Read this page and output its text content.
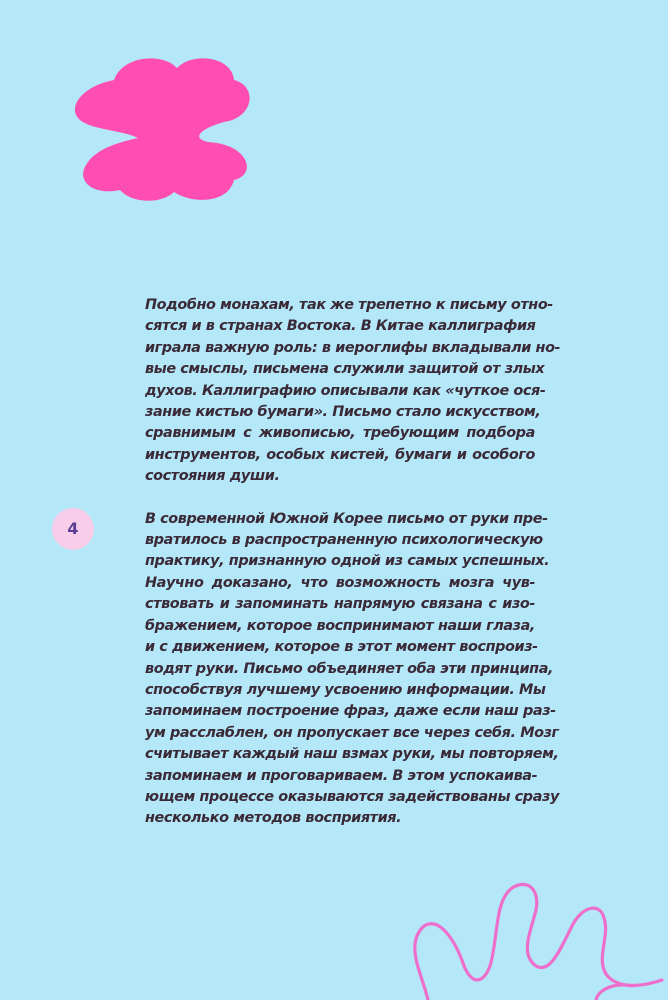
4
Подобно монахам, так же трепетно к письму отно-
сятся и в странах Востока. В Китае каллиграфия
играла важную роль: в иероглифы вкладывали но-
вые смыслы, письмена служили защитой от злых
духов. Каллиграфию описывали как «чуткое ося-
зание кистью бумаги». Письмо стало искусством,
сравнимым с живописью, требующим подбора
инструментов, особых кистей, бумаги и особого
состояния души.
В современной Южной Корее письмо от руки пре-
вратилось в распространенную психологическую
практику, признанную одной из самых успешных.
Научно доказано, что возможность мозга чув-
ствовать и запоминать напрямую связана с изо-
бражением, которое воспринимают наши глаза,
и с движением, которое в этот момент воспроиз-
водят руки. Письмо объединяет оба эти принципа,
способствуя лучшему усвоению информации. Мы
запоминаем построение фраз, даже если наш раз-
ум расслаблен, он пропускает все через себя. Мозг
считывает каждый наш взмах руки, мы повторяем,
запоминаем и проговариваем. В этом успокаива-
ющем процессе оказываются задействованы сразу
несколько методов восприятия.
